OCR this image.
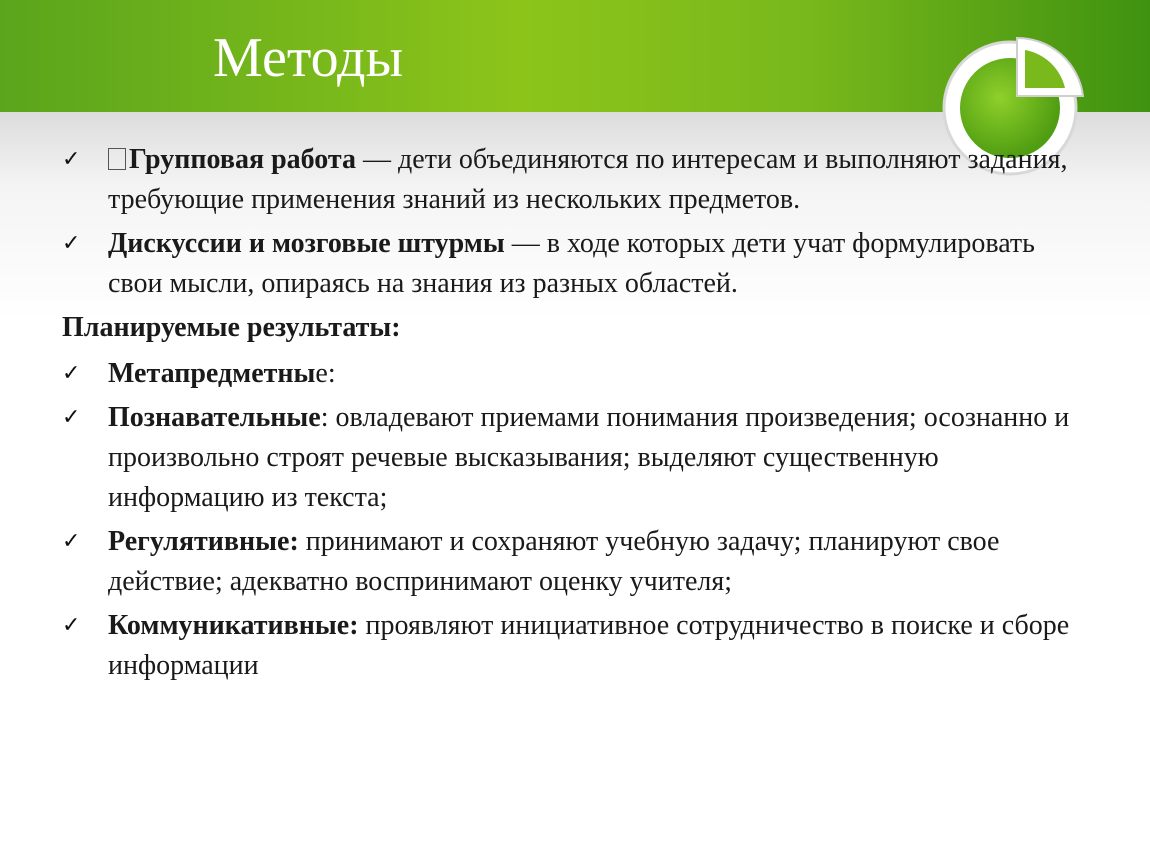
Методы
✓	Групповая работа — дети объединяются по интересам и выполняют задания, требующие применения знаний из нескольких предметов.
✓ Дискуссии и мозговые штурмы — в ходе которых дети учат формулировать свои мысли, опираясь на знания из разных областей.
Планируемые результаты:
✓ Метапредметные:
✓ Познавательные: овладевают приемами понимания произведения; осознанно и произвольно строят речевые высказывания; выделяют существенную информацию из текста;
✓ Регулятивные: принимают и сохраняют учебную задачу; планируют свое действие; адекватно воспринимают оценку учителя;
✓ Коммуникативные: проявляют инициативное сотрудничество в поиске и сборе информации
